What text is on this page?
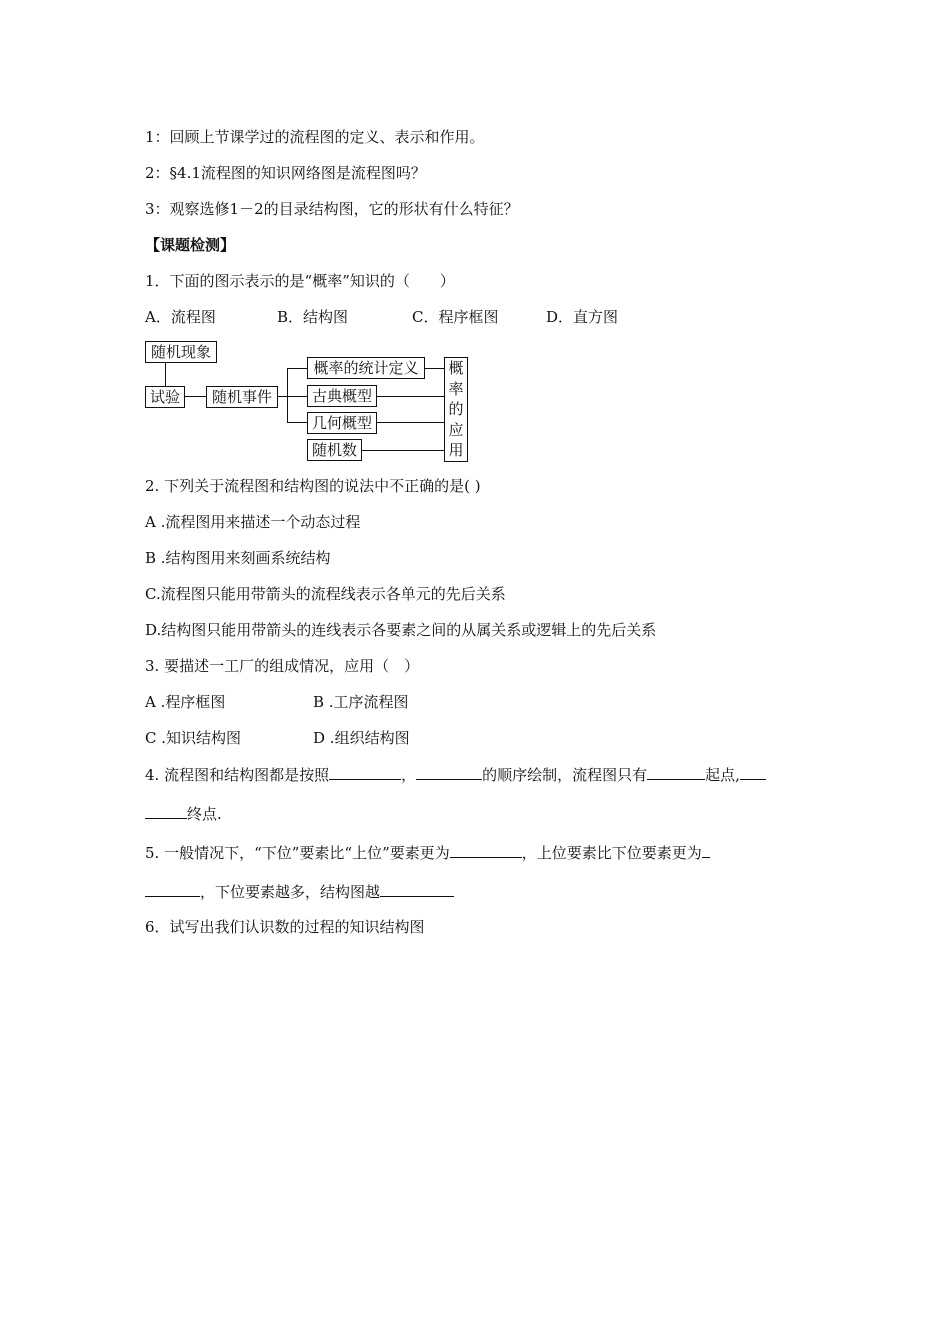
1：回顾上节课学过的流程图的定义、表示和作用。
2：§4.1流程图的知识网络图是流程图吗？
3：观察选修1－2的目录结构图，它的形状有什么特征？
【课题检测】
1．下面的图示表示的是“概率”知识的（　　）
A．流程图	B．结构图	C．程序框图	D．直方图
随机现象
试验	随机事件
概率的统计定义
古典概型
几何概型
随机数
概
率
的
应
用
2. 下列关于流程图和结构图的说法中不正确的是( )
A .流程图用来描述一个动态过程
B .结构图用来刻画系统结构
C.流程图只能用带箭头的流程线表示各单元的先后关系
D.结构图只能用带箭头的连线表示各要素之间的从属关系或逻辑上的先后关系
3. 要描述一工厂的组成情况，应用（　）
A .程序框图	B .工序流程图
C .知识结构图	D .组织结构图
4. 流程图和结构图都是按照	，	的顺序绘制，流程图只有	起点,
终点.
5. 一般情况下，“下位”要素比“上位”要素更为	，上位要素比下位要素更为
，下位要素越多，结构图越
6．试写出我们认识数的过程的知识结构图
